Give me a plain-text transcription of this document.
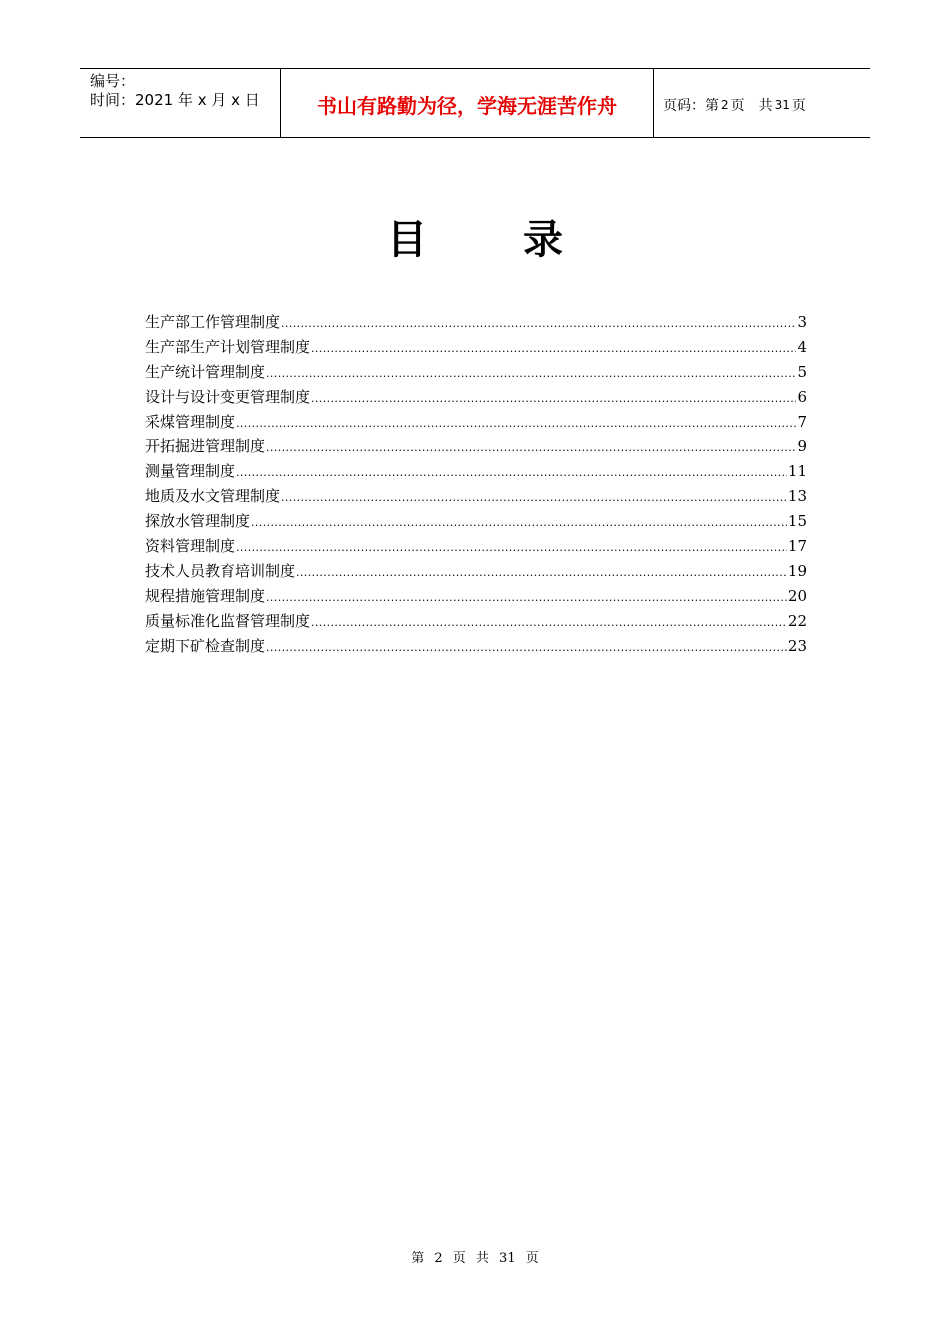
编号：
时间：2021 年 x 月 x 日	书山有路勤为径，学海无涯苦作舟	页码：第 2 页　共 31 页
目 录
生产部工作管理制度 .....	3
生产部生产计划管理制度 .....	4
生产统计管理制度 .....	5
设计与设计变更管理制度 .....	6
采煤管理制度 .....	7
开拓掘进管理制度 .....	9
测量管理制度 .....	11
地质及水文管理制度 .....	13
探放水管理制度 .....	15
资料管理制度 .....	17
技术人员教育培训制度 .....	19
规程措施管理制度 .....	20
质量标准化监督管理制度 .....	22
定期下矿检查制度 .....	23
第 2 页 共 31 页
